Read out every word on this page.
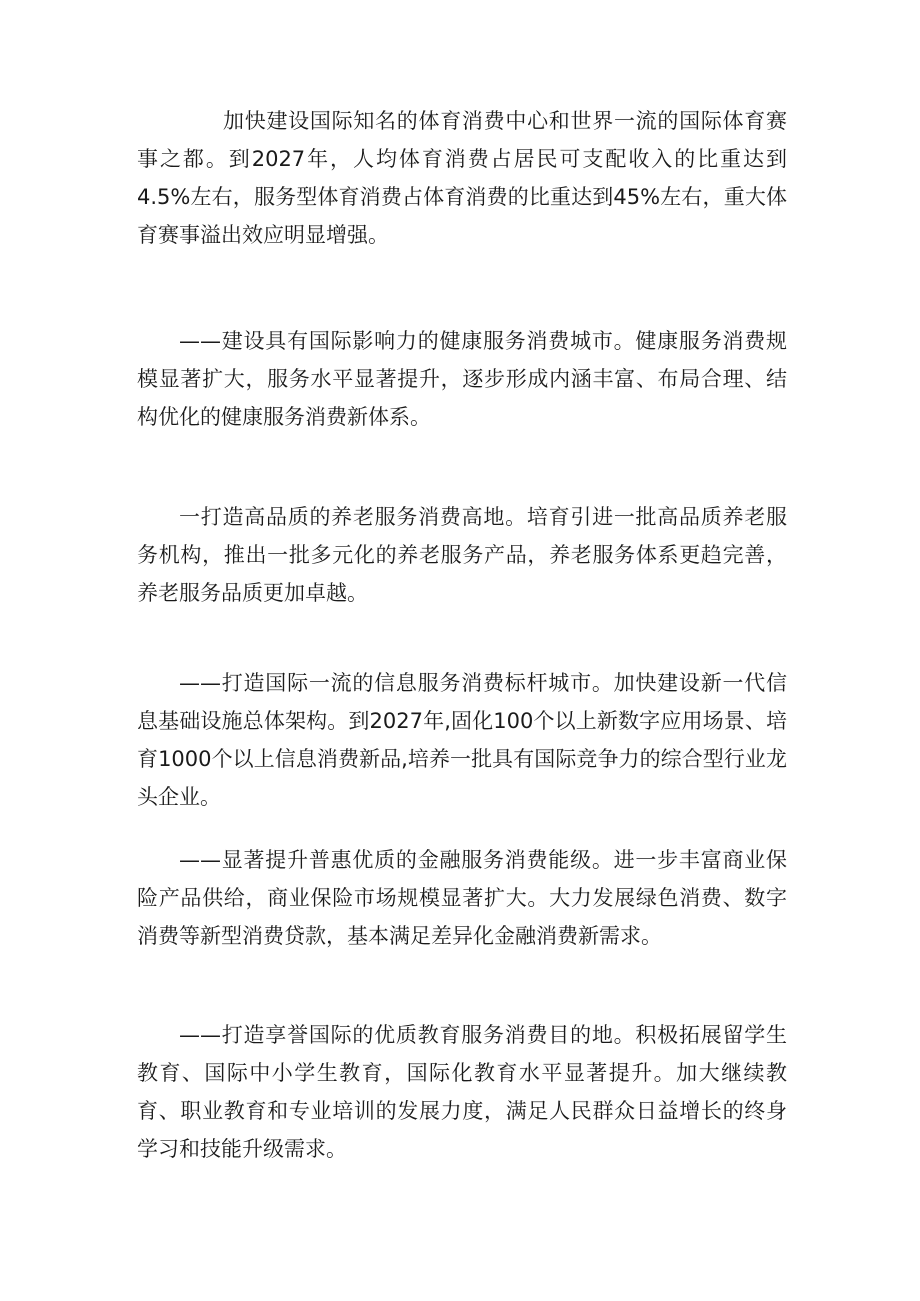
加快建设国际知名的体育消费中心和世界一流的国际体育赛事之都。到2027年，人均体育消费占居民可支配收入的比重达到4.5%左右，服务型体育消费占体育消费的比重达到45%左右，重大体育赛事溢出效应明显增强。

——建设具有国际影响力的健康服务消费城市。健康服务消费规模显著扩大，服务水平显著提升，逐步形成内涵丰富、布局合理、结构优化的健康服务消费新体系。

一打造高品质的养老服务消费高地。培育引进一批高品质养老服务机构，推出一批多元化的养老服务产品，养老服务体系更趋完善，养老服务品质更加卓越。

——打造国际一流的信息服务消费标杆城市。加快建设新一代信息基础设施总体架构。到2027年,固化100个以上新数字应用场景、培育1000个以上信息消费新品,培养一批具有国际竞争力的综合型行业龙头企业。

——显著提升普惠优质的金融服务消费能级。进一步丰富商业保险产品供给，商业保险市场规模显著扩大。大力发展绿色消费、数字消费等新型消费贷款，基本满足差异化金融消费新需求。

——打造享誉国际的优质教育服务消费目的地。积极拓展留学生教育、国际中小学生教育，国际化教育水平显著提升。加大继续教育、职业教育和专业培训的发展力度，满足人民群众日益增长的终身学习和技能升级需求。
